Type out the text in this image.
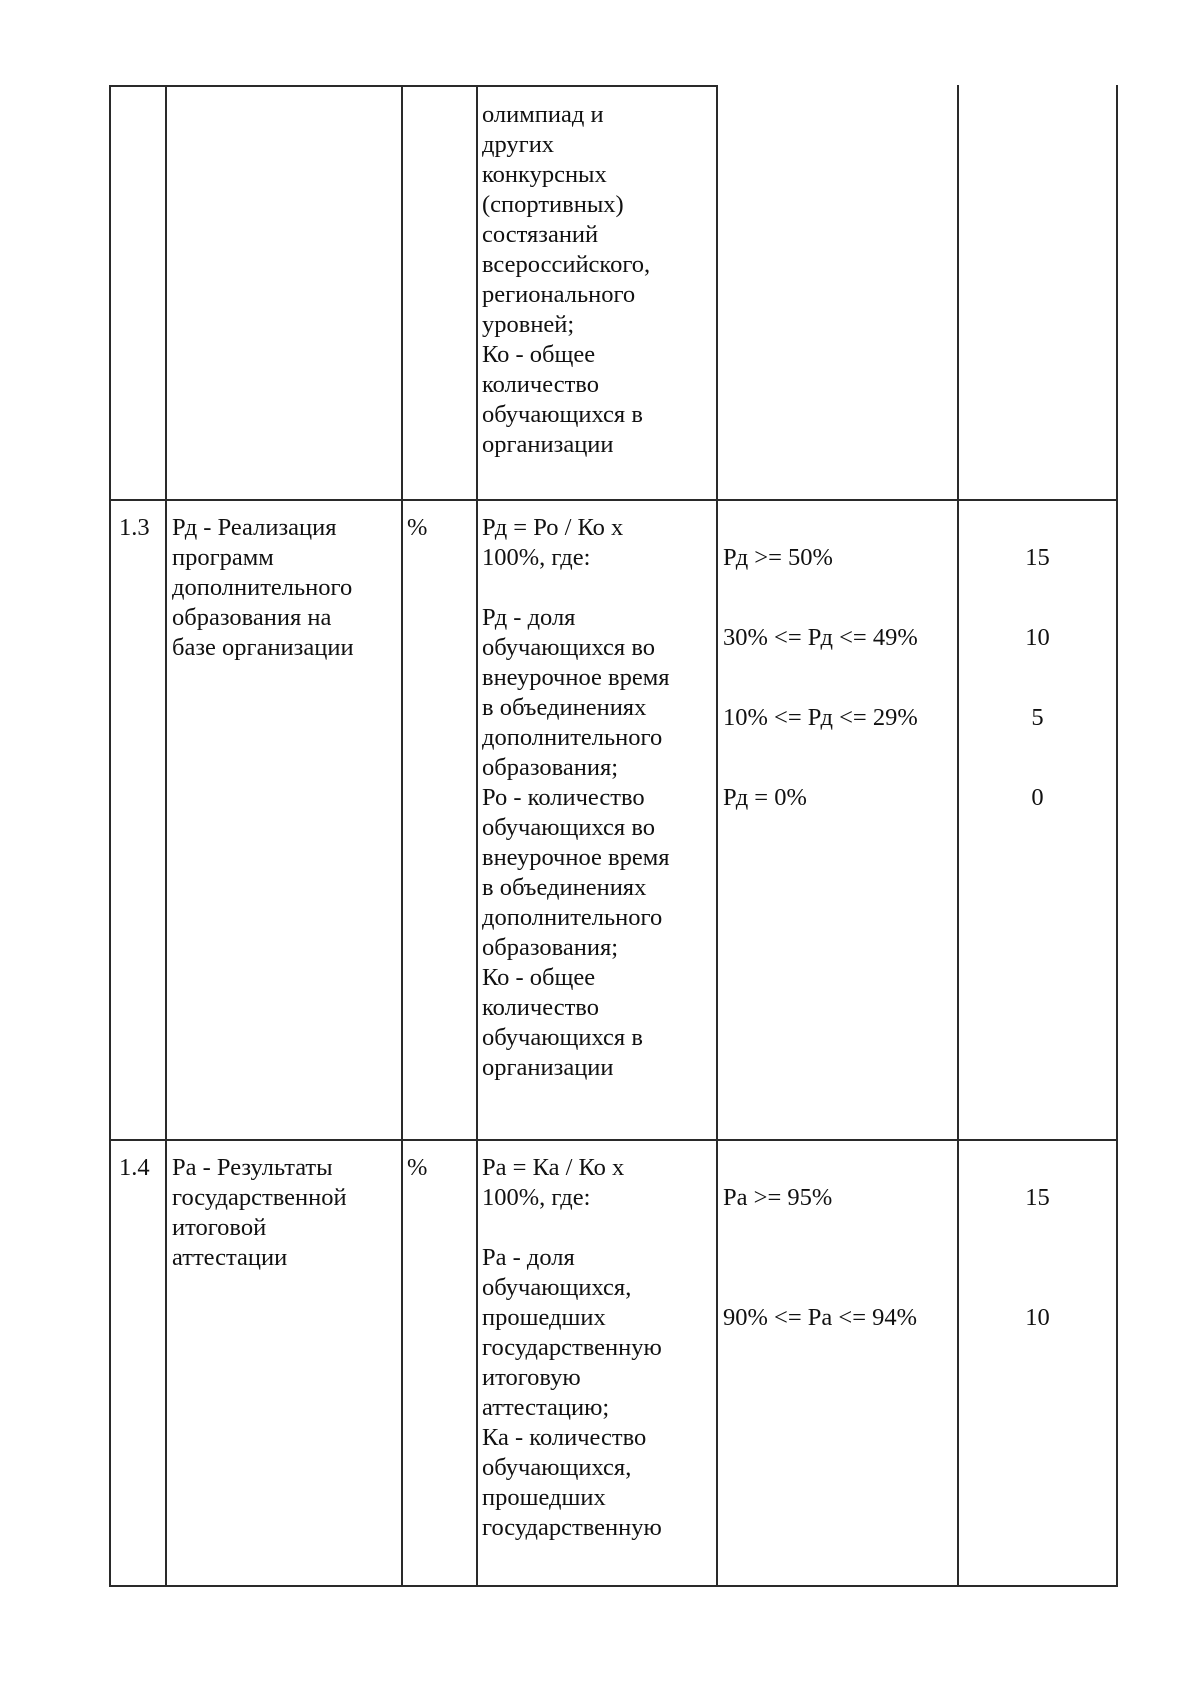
олимпиад и
других
конкурсных
(спортивных)
состязаний
всероссийского,
регионального
уровней;
Ко - общее
количество
обучающихся в
организации
1.3 Рд - Реализация
программ
дополнительного
образования на
базе организации
% Рд = Ро / Ко x
100%, где:

Рд - доля
обучающихся во
внеурочное время
в объединениях
дополнительного
образования;
Ро - количество
обучающихся во
внеурочное время
в объединениях
дополнительного
образования;
Ко - общее
количество
обучающихся в
организации

Рд >= 50%

30% <= Рд <= 49%

10% <= Рд <= 29%

Рд = 0%

15

10

5

0

1.4 Ра - Результаты
государственной
итоговой
аттестации
% Ра = Ка / Ко x
100%, где:

Ра - доля
обучающихся,
прошедших
государственную
итоговую
аттестацию;
Ка - количество
обучающихся,
прошедших
государственную

Ра >= 95%

90% <= Ра <= 94%

15

10
